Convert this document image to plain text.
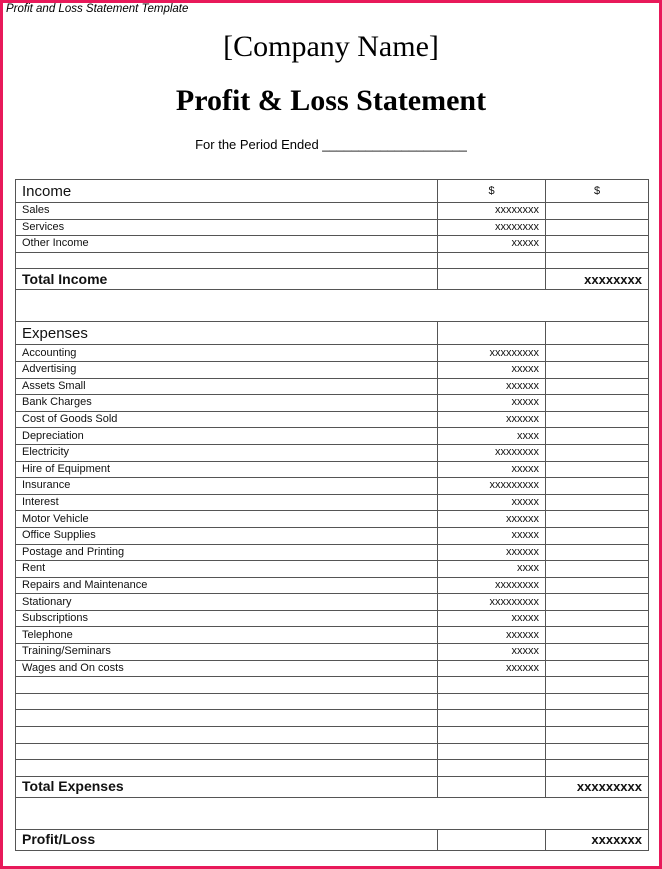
Profit and Loss Statement Template
[Company Name]
Profit & Loss Statement
For the Period Ended ____________________
Income	$	$
Sales	xxxxxxxx	
Services	xxxxxxxx	
Other Income	xxxxx	

Total Income		xxxxxxxx

Expenses		
Accounting	xxxxxxxxx	
Advertising	xxxxx	
Assets Small	xxxxxx	
Bank Charges	xxxxx	
Cost of Goods Sold	xxxxxx	
Depreciation	xxxx	
Electricity	xxxxxxxx	
Hire of Equipment	xxxxx	
Insurance	xxxxxxxxx	
Interest	xxxxx	
Motor Vehicle	xxxxxx	
Office Supplies	xxxxx	
Postage and Printing	xxxxxx	
Rent	xxxx	
Repairs and Maintenance	xxxxxxxx	
Stationary	xxxxxxxxx	
Subscriptions	xxxxx	
Telephone	xxxxxx	
Training/Seminars	xxxxx	
Wages and On costs	xxxxxx	

Total Expenses		xxxxxxxxx

Profit/Loss		xxxxxxx
